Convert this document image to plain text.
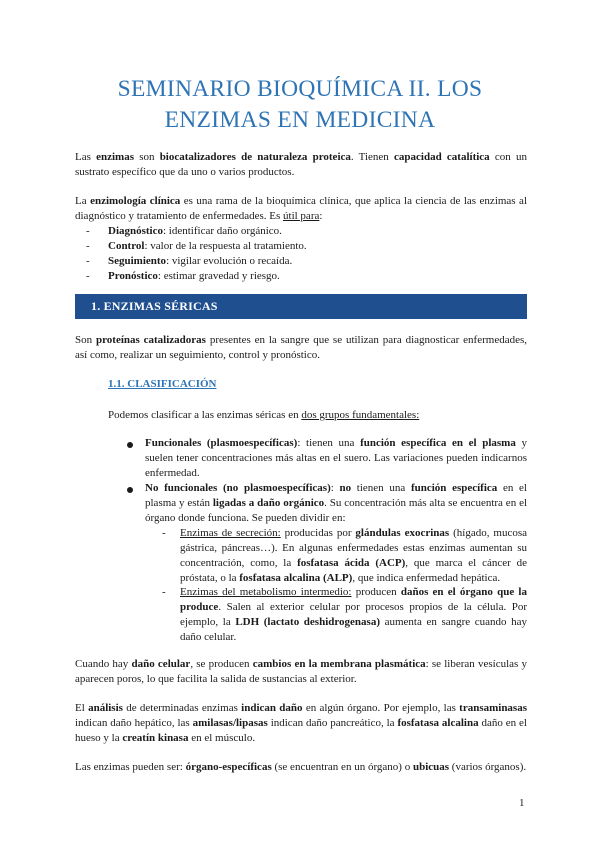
SEMINARIO BIOQUÍMICA II. LOS
ENZIMAS EN MEDICINA

Las enzimas son biocatalizadores de naturaleza proteica. Tienen capacidad catalítica con un sustrato específico que da uno o varios productos.

La enzimología clínica es una rama de la bioquímica clínica, que aplica la ciencia de las enzimas al diagnóstico y tratamiento de enfermedades. Es útil para:

- Diagnóstico: identificar daño orgánico.
- Control: valor de la respuesta al tratamiento.
- Seguimiento: vigilar evolución o recaída.
- Pronóstico: estimar gravedad y riesgo.
1. ENZIMAS SÉRICAS

Son proteínas catalizadoras presentes en la sangre que se utilizan para diagnosticar enfermedades, así como, realizar un seguimiento, control y pronóstico.

1.1. CLASIFICACIÓN

Podemos clasificar a las enzimas séricas en dos grupos fundamentales:

Funcionales (plasmoespecíficas): tienen una función específica en el plasma y suelen tener concentraciones más altas en el suero. Las variaciones pueden indicarnos enfermedad.
No funcionales (no plasmoespecíficas): no tienen una función específica en el plasma y están ligadas a daño orgánico. Su concentración más alta se encuentra en el órgano donde funciona. Se pueden dividir en:
- Enzimas de secreción: producidas por glándulas exocrinas (hígado, mucosa gástrica, páncreas…). En algunas enfermedades estas enzimas aumentan su concentración, como, la fosfatasa ácida (ACP), que marca el cáncer de próstata, o la fosfatasa alcalina (ALP), que indica enfermedad hepática.
- Enzimas del metabolismo intermedio: producen daños en el órgano que la produce. Salen al exterior celular por procesos propios de la célula. Por ejemplo, la LDH (lactato deshidrogenasa) aumenta en sangre cuando hay daño celular.

Cuando hay daño celular, se producen cambios en la membrana plasmática: se liberan vesículas y aparecen poros, lo que facilita la salida de sustancias al exterior.

El análisis de determinadas enzimas indican daño en algún órgano. Por ejemplo, las transaminasas indican daño hepático, las amilasas/lipasas indican daño pancreático, la fosfatasa alcalina daño en el hueso y la creatín kinasa en el músculo.

Las enzimas pueden ser: órgano-específicas (se encuentran en un órgano) o ubicuas (varios órganos).

1
